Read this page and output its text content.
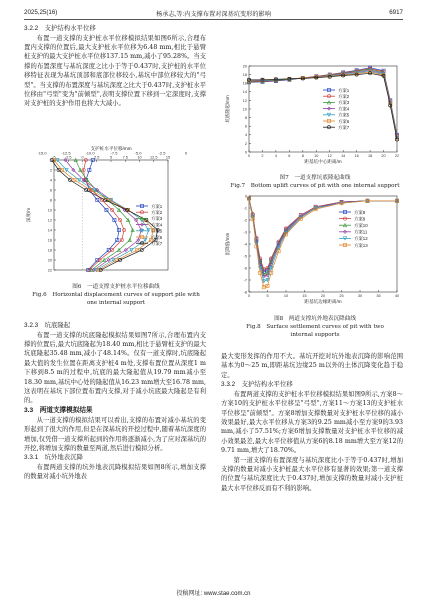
2025,25(16)	杨承志,等:内支撑布置对深基坑变形的影响	6917
3.2.2　支护结构水平位移

布置一道支撑的支护桩水平位移模拟结果如图6所示,合理布置内支撑的位置后,最大支护桩水平位移为6.48 mm,相比于悬臂桩支护的最大支护桩水平位移137.15 mm,减小了95.28%。当支撑的布置深度与基坑深度之比小于等于0.437时,支护桩的水平位移特征表现为基坑顶部和底部位移较小,基坑中部位移较大的"弓型"。当支撑的布置深度与基坑深度之比大于0.437时,支护桩水平位移由"弓型"变为"前倾型",表明支撑位置下移到一定深度时,支撑对支护桩的支护作用也将大大减小。

支护桩水平位移/mm
-15.0	-12.5	-10.0	-7.5	-5.0	-2.5	0
-5 -2.5	0	2.5	5	7.5 10 12.5 15
0
2
4
6
8
10
12
14
16
18
20
22
深度/m
方案1
方案2
方案3
方案4
方案5
方案6
方案7
图6　一道支撑支护桩水平位移曲线
Fig.6　Horizontal displacement curves of support pile with
one internal support
3.2.3　坑底隆起

布置一道支撑的坑底隆起模拟结果如图7所示,合理布置内支撑的位置后,最大坑底隆起为18.40 mm,相比于悬臂桩支护的最大坑底隆起35.48 mm,减小了48.14%。仅有一道支撑时,坑底隆起最大值的发生位置在距离支护桩4 m处,支撑布置位置从深度1 m下移到8.5 m的过程中,坑底的最大隆起值从19.79 mm减小至18.30 mm,基坑中心处的隆起值从16.23 mm增大至16.78 mm,这表明在基坑下部位置布置内支撑,对于减小坑底最大隆起是有利的。

3.3　两道支撑模拟结果

从一道支撑的模拟结果可以看出,支撑的布置对减小基坑的变形起到了很大的作用,但是在深基坑的开挖过程中,随着基坑深度的增加,仅凭借一道支撑所起到的作用将逐渐减小,为了应对深基坑的开挖,将增加支撑的数量至两道,然后进行模拟分析。

3.3.1　坑外地表沉降

布置两道支撑的坑外地表沉降模拟结果如图8所示,增加支撑的数量对减小坑外地表

20
18
16
14
12
10
8
6
4
2
0
0	2	4	6	8	10 12 14 16 18 20 22
距基坑中心距离/m
坑底隆起/mm
方案1
方案2
方案3
方案4
方案5
方案6
方案7
图7　一道支撑坑底隆起曲线
Fig.7　Bottom uplift curves of pit with one internal support
0
-1
-2
-3
-4
-5
-6
-7
-8
0	5	10	15	20	25	30	35	40
距基坑边缘距离/m
沉降值/mm
方案8
方案9
方案10
方案11
方案12
方案13
图8　两道支撑坑外地表沉降曲线
Fig.8　Surface settlement curves of pit with two
internal supports

最大变形发挥的作用不大。基坑开挖对坑外地表沉降的影响范围基本为0～25 m,即距基坑边缘25 m以外的土体沉降变化趋于稳定。

3.3.2　支护结构水平位移

布置两道支撑的支护桩水平位移模拟结果如图9所示,方案8～方案10的支护桩水平位移呈"弓型",方案11～方案13的支护桩水平位移呈"前倾型"。方案8增加支撑数量对支护桩水平位移的减小效果最好,最大水平位移从方案3的9.25 mm减小至方案9的3.93 mm,减小了57.51%;方案6增加支撑数量对支护桩水平位移的减小效果最差,最大水平位移值从方案6的8.18 mm增大至方案12的9.71 mm,增大了18.70%。

第一道支撑的布置深度与基坑深度比小于等于0.437时,增加支撑的数量对减小支护桩最大水平位移有显著的效果;第一道支撑的位置与基坑深度比大于0.437时,增加支撑的数量对减小支护桩最大水平位移反而有不利的影响。

投稿网址: www.stae.com.cn
